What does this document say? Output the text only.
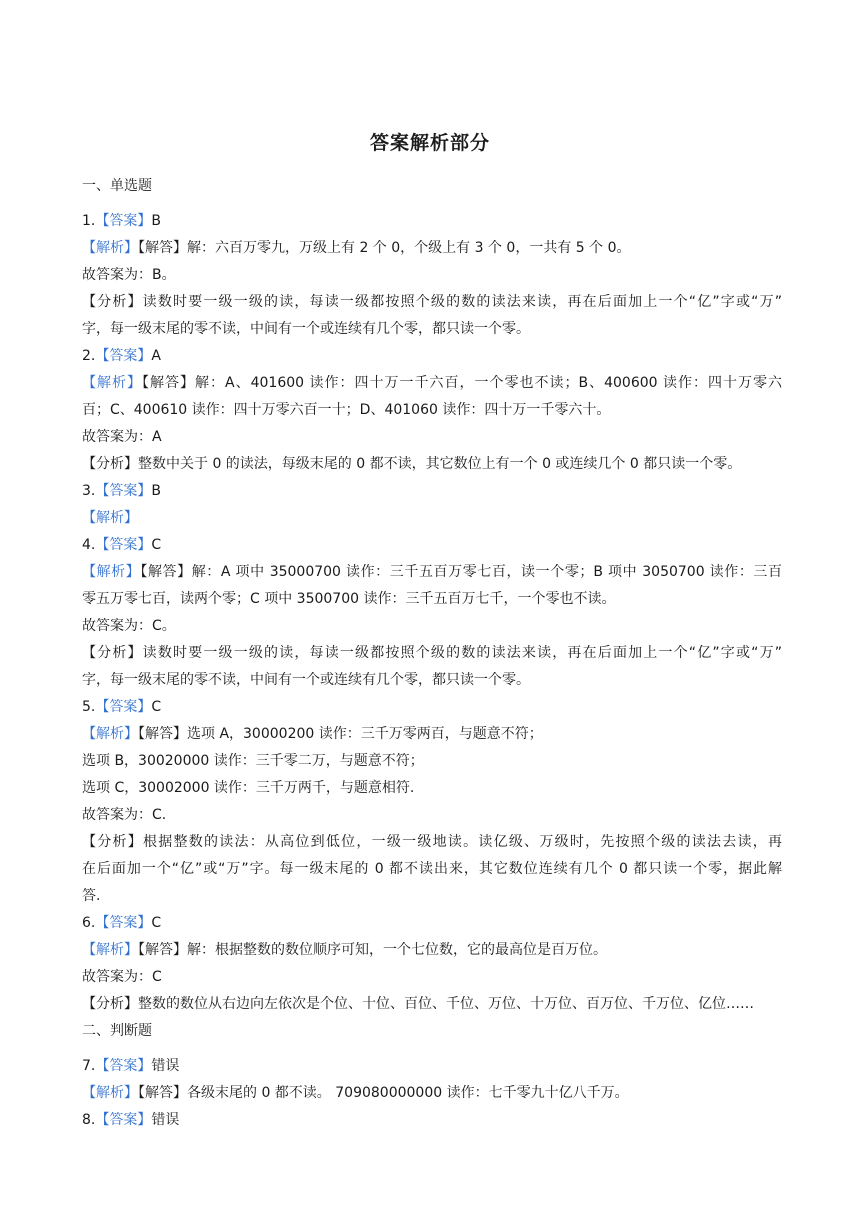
答案解析部分
一、单选题
1.【答案】B
【解析】【解答】解：六百万零九，万级上有 2 个 0，个级上有 3 个 0，一共有 5 个 0。
故答案为：B。
【分析】读数时要一级一级的读，每读一级都按照个级的数的读法来读，再在后面加上一个“亿”字或“万”
字，每一级末尾的零不读，中间有一个或连续有几个零，都只读一个零。
2.【答案】A
【解析】【解答】解：A、401600 读作：四十万一千六百，一个零也不读；B、400600 读作：四十万零六
百；C、400610 读作：四十万零六百一十；D、401060 读作：四十万一千零六十。
故答案为：A
【分析】整数中关于 0 的读法，每级末尾的 0 都不读，其它数位上有一个 0 或连续几个 0 都只读一个零。
3.【答案】B
【解析】
4.【答案】C
【解析】【解答】解：A 项中 35000700 读作：三千五百万零七百，读一个零；B 项中 3050700 读作：三百
零五万零七百，读两个零；C 项中 3500700 读作：三千五百万七千，一个零也不读。
故答案为：C。
【分析】读数时要一级一级的读，每读一级都按照个级的数的读法来读，再在后面加上一个“亿”字或“万”
字，每一级末尾的零不读，中间有一个或连续有几个零，都只读一个零。
5.【答案】C
【解析】【解答】选项 A，30000200 读作：三千万零两百，与题意不符；
选项 B，30020000 读作：三千零二万，与题意不符；
选项 C，30002000 读作：三千万两千，与题意相符.
故答案为：C.
【分析】根据整数的读法：从高位到低位，一级一级地读。读亿级、万级时，先按照个级的读法去读，再
在后面加一个“亿”或“万”字。每一级末尾的 0 都不读出来，其它数位连续有几个 0 都只读一个零，据此解
答.
6.【答案】C
【解析】【解答】解：根据整数的数位顺序可知，一个七位数，它的最高位是百万位。
故答案为：C
【分析】整数的数位从右边向左依次是个位、十位、百位、千位、万位、十万位、百万位、千万位、亿位……
二、判断题
7.【答案】错误
【解析】【解答】各级末尾的 0 都不读。 709080000000 读作：七千零九十亿八千万。
8.【答案】错误
